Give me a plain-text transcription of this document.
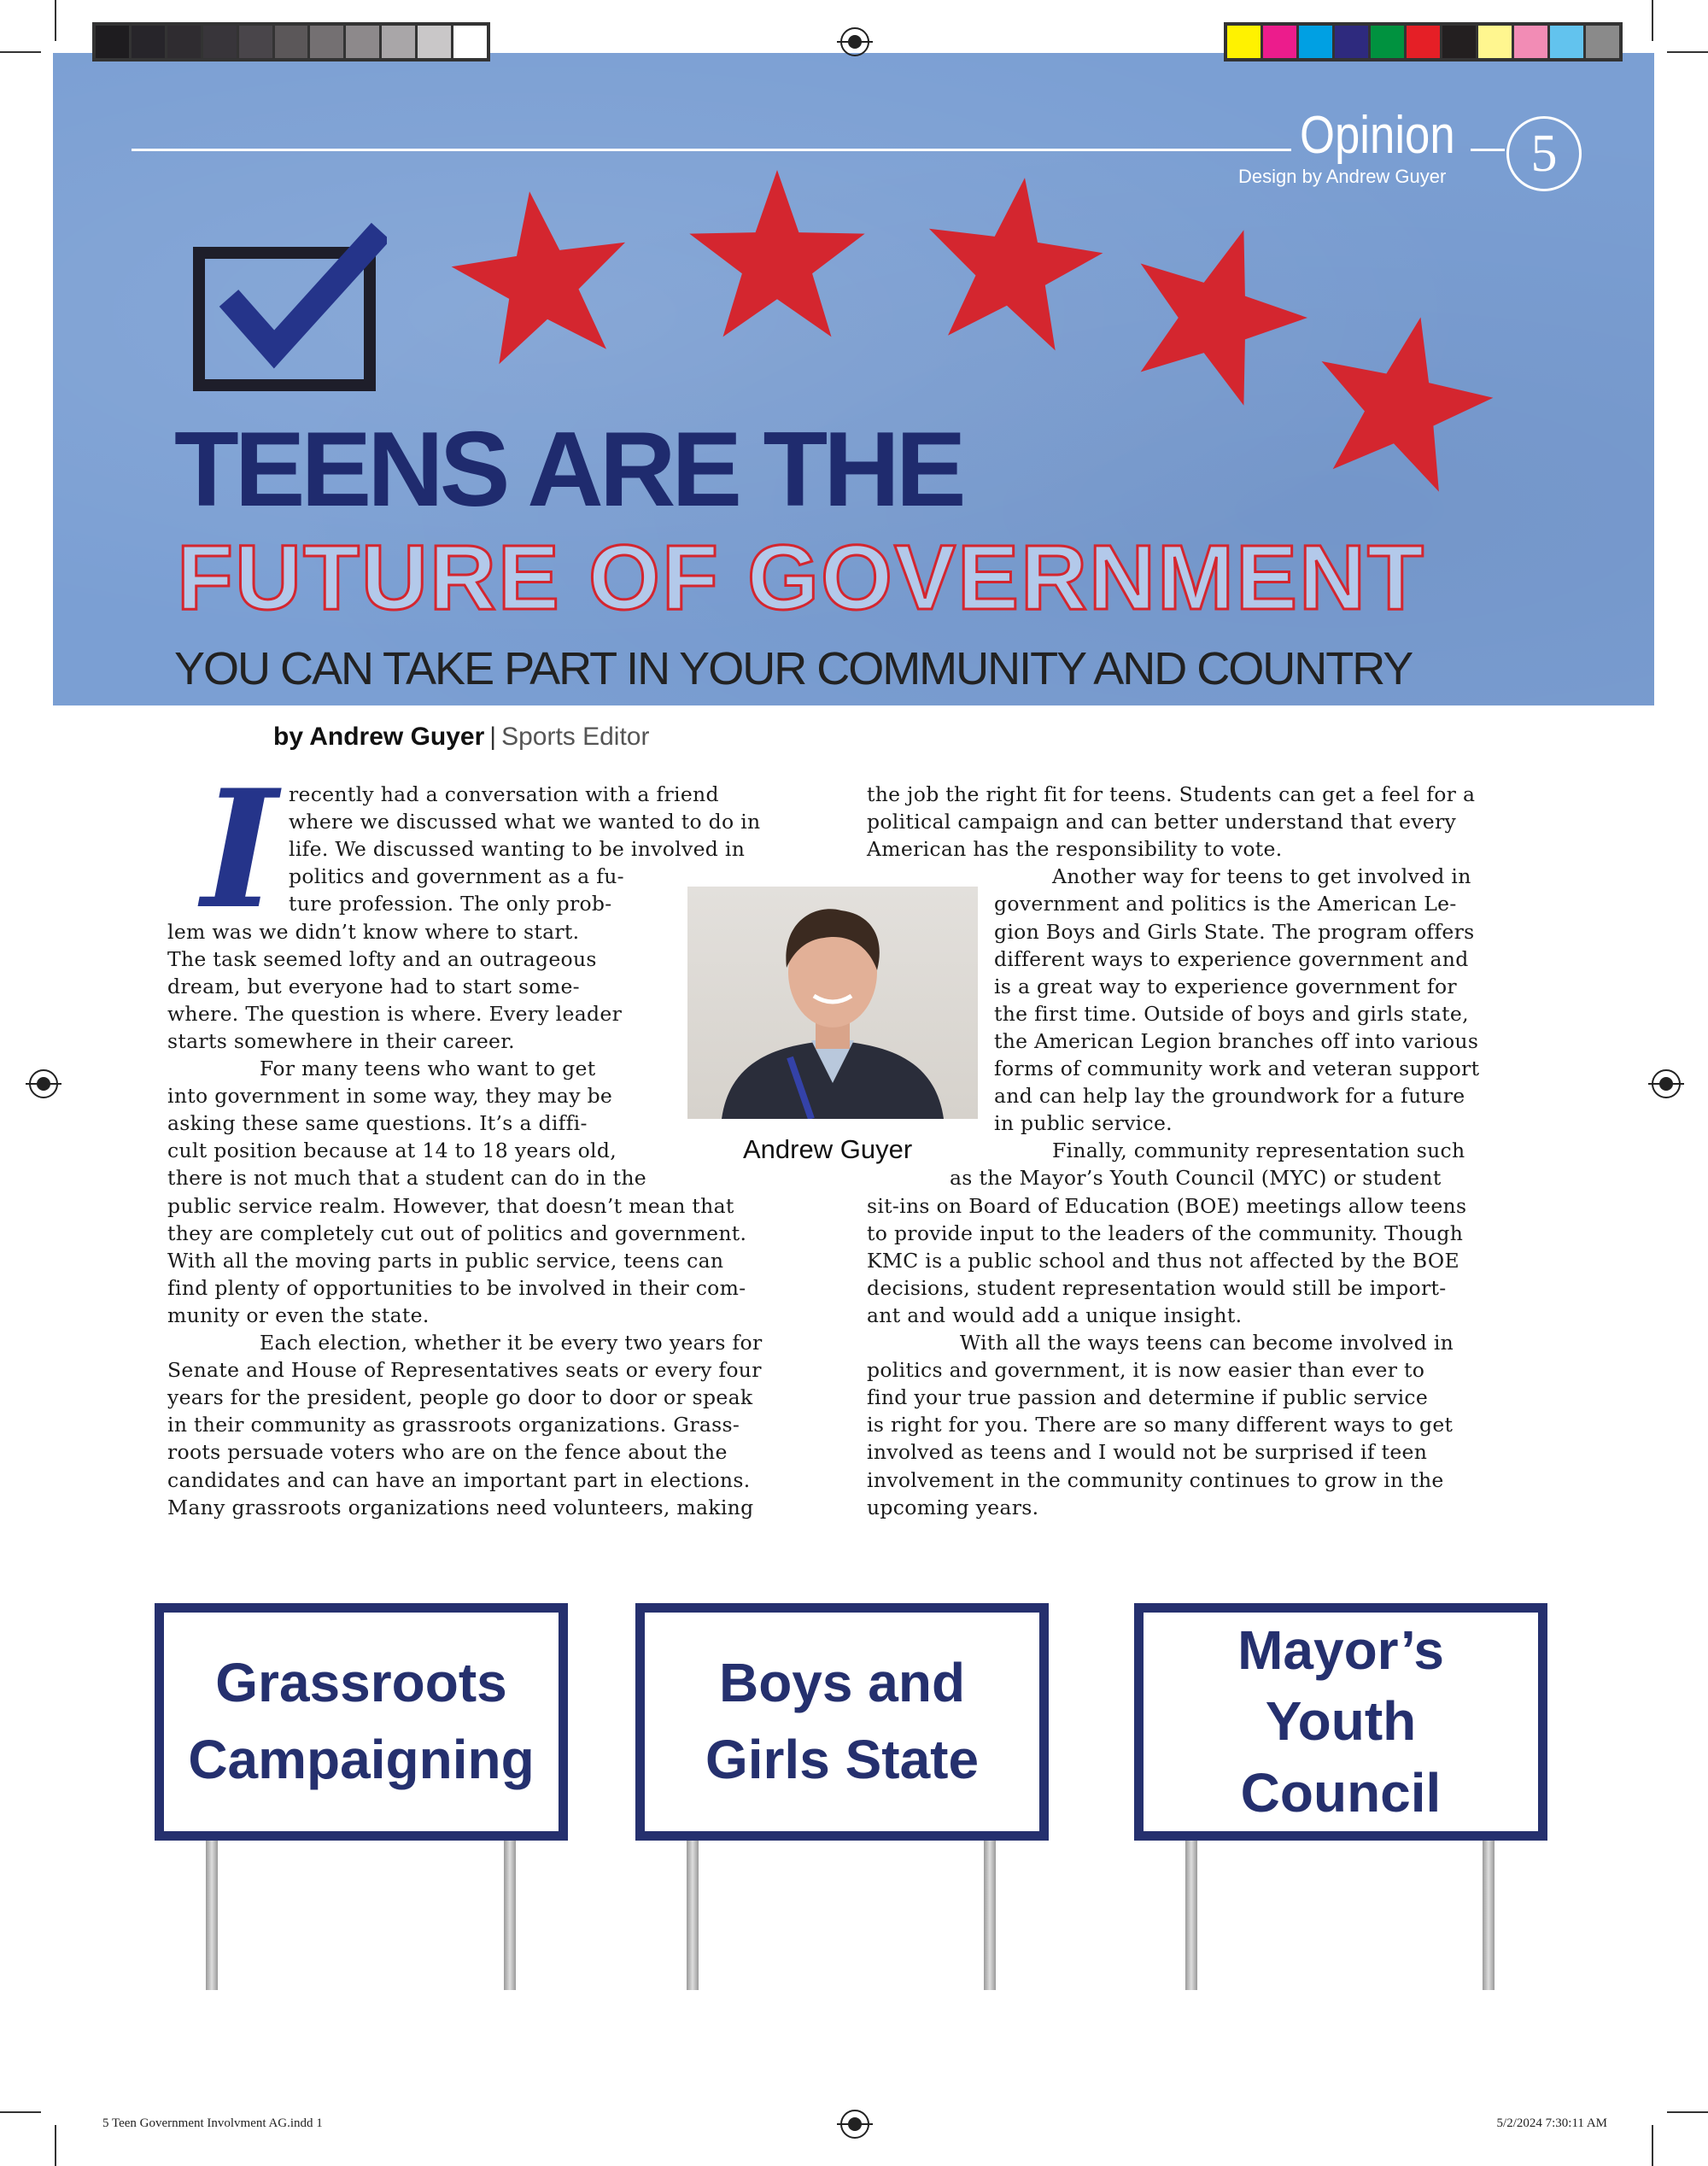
Opinion
Design by Andrew Guyer	5
TEENS ARE THE
FUTURE OF GOVERNMENT
YOU CAN TAKE PART IN YOUR COMMUNITY AND COUNTRY
by Andrew Guyer | Sports Editor
I recently had a conversation with a friend
where we discussed what we wanted to do in
life. We discussed wanting to be involved in
politics and government as a fu-
ture profession. The only prob-
lem was we didn’t know where to start.
The task seemed lofty and an outrageous
dream, but everyone had to start some-
where. The question is where. Every leader
starts somewhere in their career.
For many teens who want to get
into government in some way, they may be
asking these same questions. It’s a diffi-
cult position because at 14 to 18 years old,
there is not much that a student can do in the
public service realm. However, that doesn’t mean that
they are completely cut out of politics and government.
With all the moving parts in public service, teens can
find plenty of opportunities to be involved in their com-
munity or even the state.
Each election, whether it be every two years for
Senate and House of Representatives seats or every four
years for the president, people go door to door or speak
in their community as grassroots organizations. Grass-
roots persuade voters who are on the fence about the
candidates and can have an important part in elections.
Many grassroots organizations need volunteers, making
the job the right fit for teens. Students can get a feel for a
political campaign and can better understand that every
American has the responsibility to vote.
Another way for teens to get involved in
government and politics is the American Le-
gion Boys and Girls State. The program offers
different ways to experience government and
is a great way to experience government for
the first time. Outside of boys and girls state,
the American Legion branches off into various
forms of community work and veteran support
and can help lay the groundwork for a future
in public service.
Finally, community representation such
as the Mayor’s Youth Council (MYC) or student
sit-ins on Board of Education (BOE) meetings allow teens
to provide input to the leaders of the community. Though
KMC is a public school and thus not affected by the BOE
decisions, student representation would still be import-
ant and would add a unique insight.
With all the ways teens can become involved in
politics and government, it is now easier than ever to
find your true passion and determine if public service
is right for you. There are so many different ways to get
involved as teens and I would not be surprised if teen
involvement in the community continues to grow in the
upcoming years.
Andrew Guyer
Grassroots
Campaigning
Boys and
Girls State
Mayor’s
Youth
Council
5 Teen Government Involvment AG.indd 1	5/2/2024 7:30:11 AM
